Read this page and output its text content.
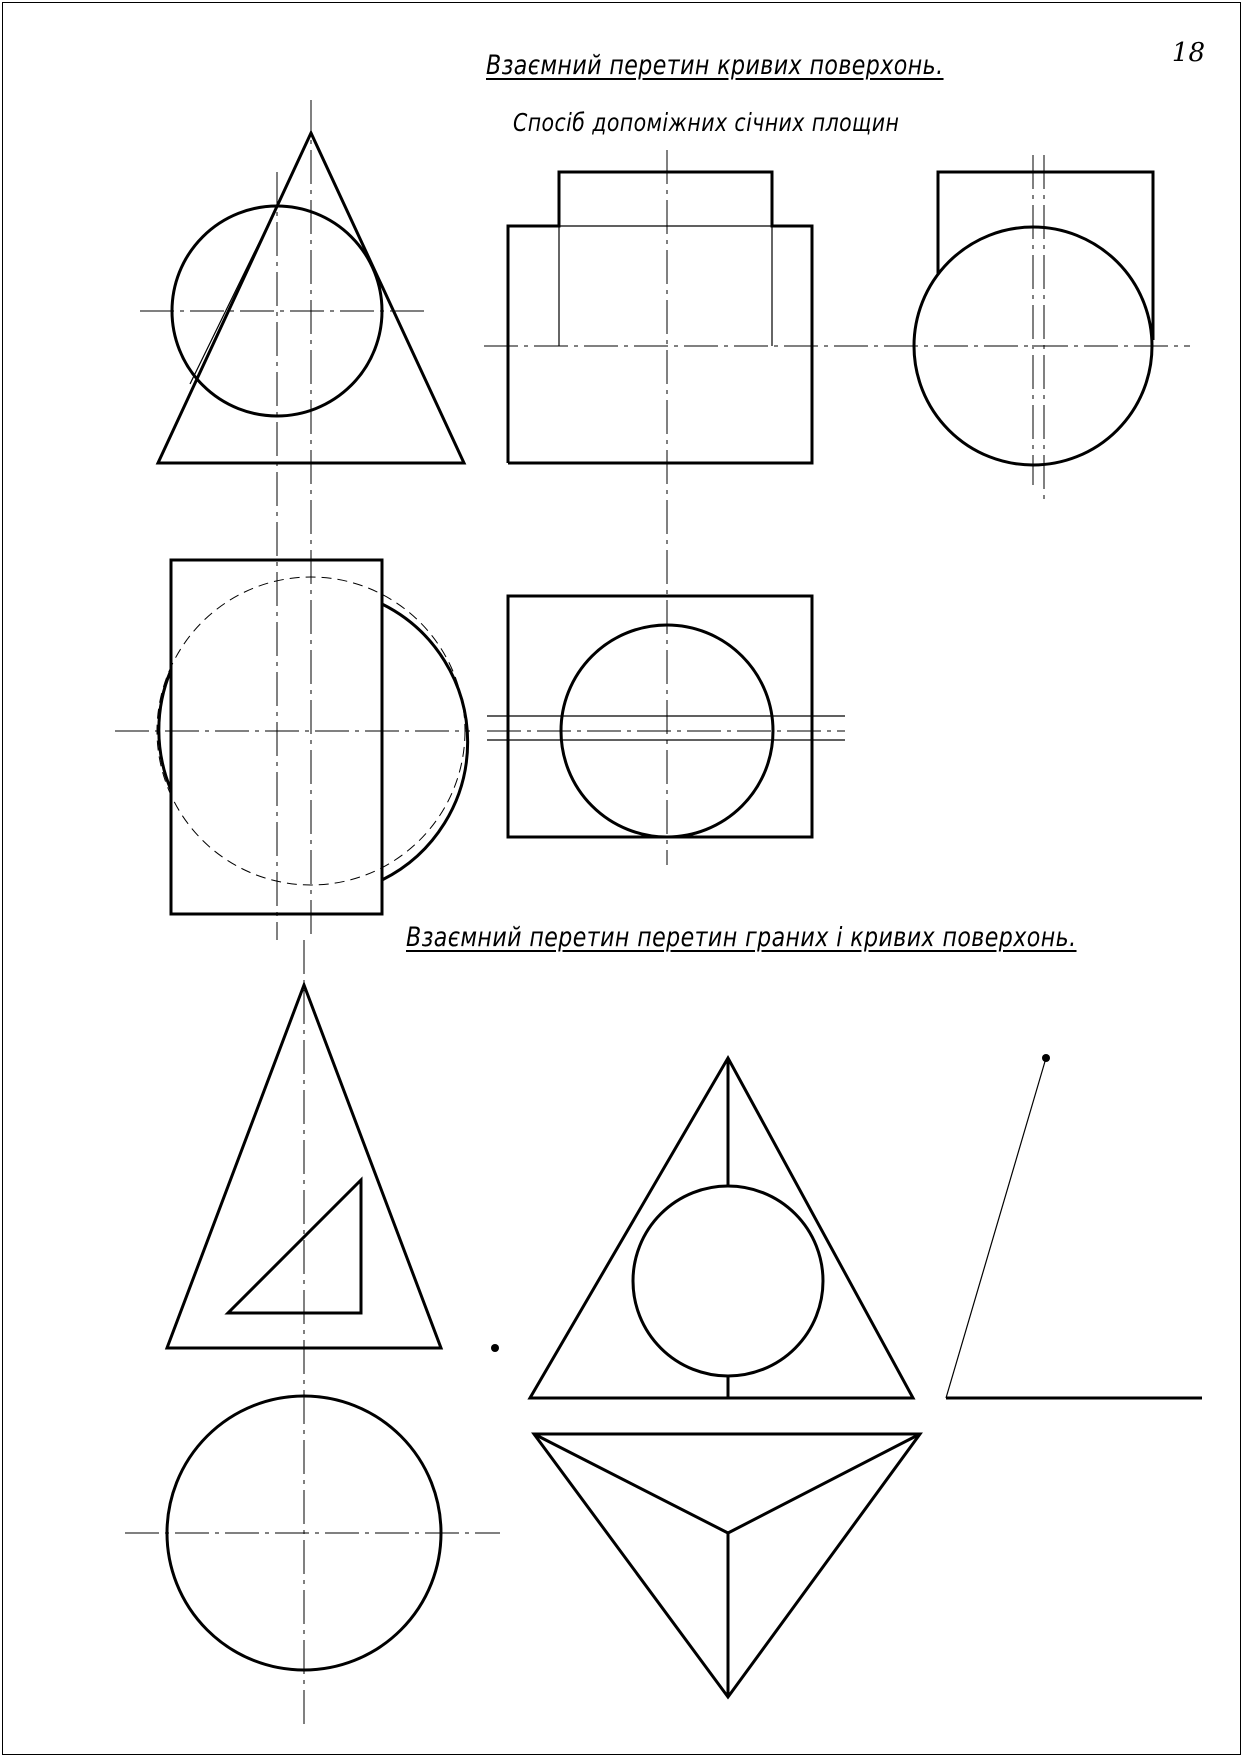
18
Взаємний перетин кривих поверхонь.
Спосіб допоміжних січних площин
Взаємний перетин перетин граних і кривих поверхонь.
